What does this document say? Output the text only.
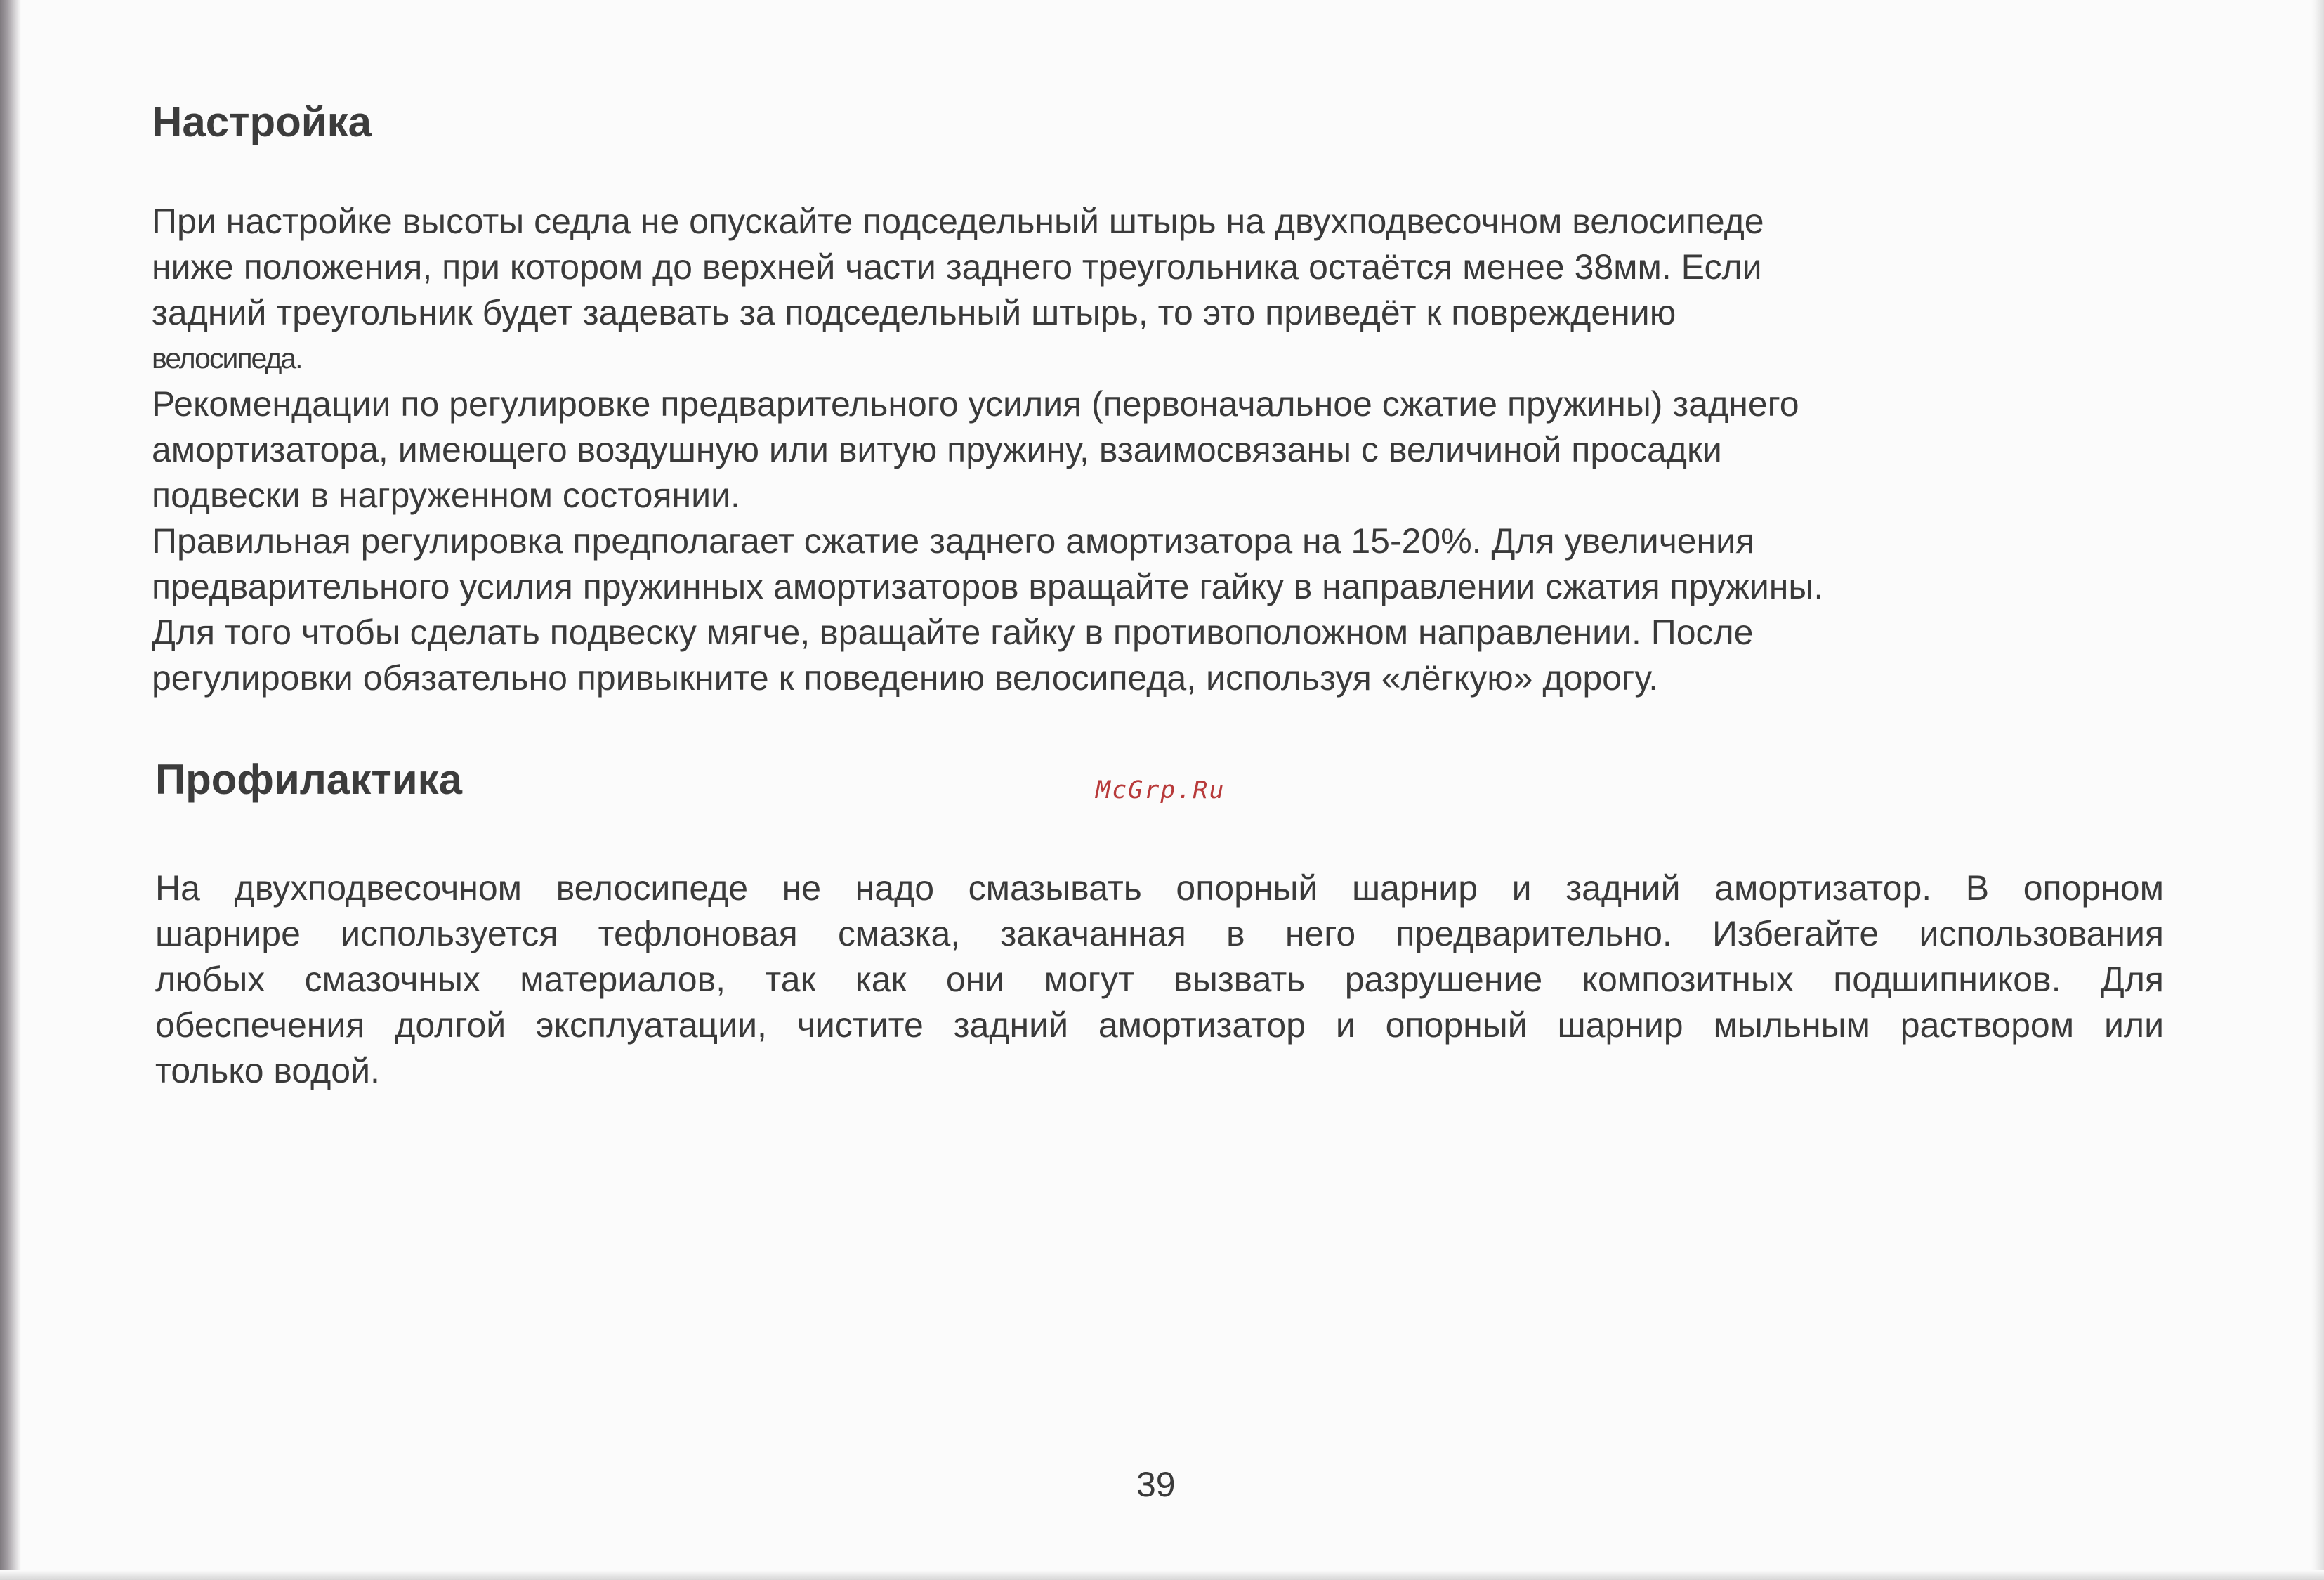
Настройка
При настройке высоты седла не опускайте подседельный штырь на двухподвесочном велосипеде
ниже положения, при котором до верхней части заднего треугольника остаётся менее 38мм. Если
задний треугольник будет задевать за подседельный штырь, то это приведёт к повреждению
велосипеда.
Рекомендации по регулировке предварительного усилия (первоначальное сжатие пружины) заднего
амортизатора, имеющего воздушную или витую пружину, взаимосвязаны с величиной просадки
подвески в нагруженном состоянии.
Правильная регулировка предполагает сжатие заднего амортизатора на 15-20%. Для увеличения
предварительного усилия пружинных амортизаторов вращайте гайку в направлении сжатия пружины.
Для того чтобы сделать подвеску мягче, вращайте гайку в противоположном направлении. После
регулировки обязательно привыкните к поведению велосипеда, используя «лёгкую» дорогу.
Профилактика	McGrp.Ru
На двухподвесочном велосипеде не надо смазывать опорный шарнир и задний амортизатор. В опорном
шарнире используется тефлоновая смазка, закачанная в него предварительно. Избегайте использования
любых смазочных материалов, так как они могут вызвать разрушение композитных подшипников. Для
обеспечения долгой эксплуатации, чистите задний амортизатор и опорный шарнир мыльным раствором или
только водой.
39
